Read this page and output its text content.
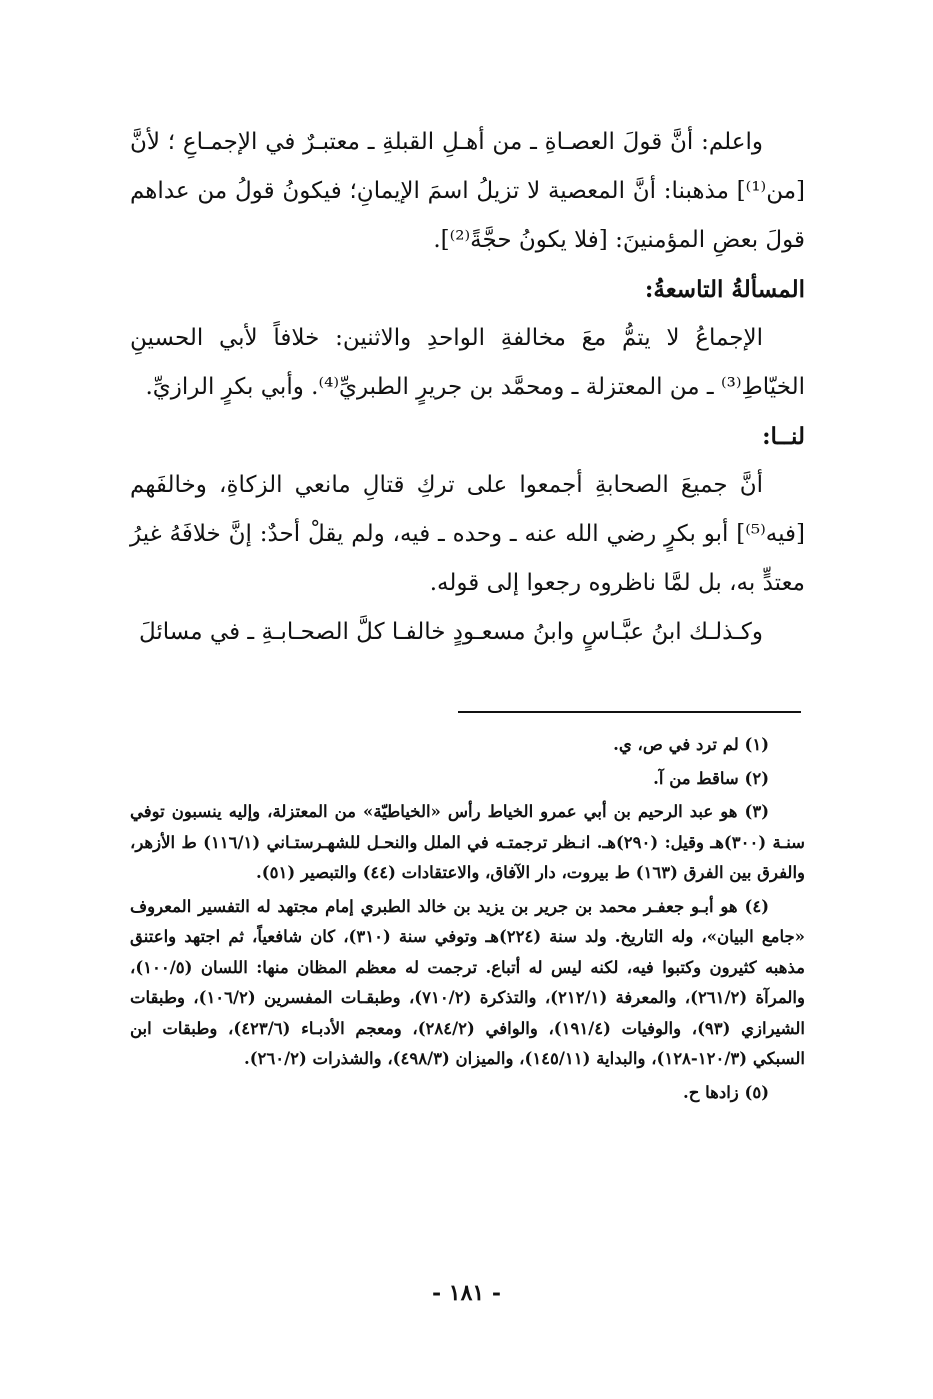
واعلم: أنَّ قولَ العصـاةِ ـ من أهـلِ القبلةِ ـ معتبـرٌ في الإجمـاعِ ؛ لأنَّ [من⁽¹⁾] مذهبنا: أنَّ المعصية لا تزيلُ اسمَ الإيمانِ؛ فيكونُ قولُ من عداهم قولَ بعضِ المؤمنينَ: [فلا يكونُ حجَّةً⁽²⁾].

المسألةُ التاسعةُ:

الإجماعُ لا يتمُّ معَ مخالفةِ الواحدِ والاثنين: خلافاً لأبي الحسينِ الخيّاطِ⁽³⁾ ـ من المعتزلة ـ ومحمَّد بن جريرٍ الطبريِّ⁽⁴⁾. وأبي بكرٍ الرازيِّ.

لنــا:

أنَّ جميعَ الصحابةِ أجمعوا على تركِ قتالِ مانعي الزكاةِ، وخالفَهم [فيه⁽⁵⁾] أبو بكرٍ رضي الله عنه ـ وحده ـ فيه، ولم يقلْ أحدٌ: إنَّ خلافَهُ غيرُ معتدٍّ به، بل لمَّا ناظروه رجعوا إلى قوله.

وكـذلـك ابنُ عبَّـاسٍ وابنُ مسعـودٍ خالفـا كلَّ الصحـابـةِ ـ في مسائلَ

(١) لم ترد في ص، ي.

(٢) ساقط من آ.

(٣) هو عبد الرحيم بن أبي عمرو الخياط رأس «الخياطيّة» من المعتزلة، وإليه ينسبون توفي سنـة (٣٠٠)هـ وقيل: (٢٩٠)هـ. انـظر ترجمتـه في الملل والنحـل للشهـرستـاني (١١٦/١) ط الأزهر، والفرق بين الفرق (١٦٣) ط بيروت، دار الآفاق، والاعتقادات (٤٤) والتبصير (٥١).

(٤) هو أبـو جعفـر محمد بن جرير بن يزيد بن خالد الطبري إمام مجتهد له التفسير المعروف «جامع البيان»، وله التاريخ. ولد سنة (٢٢٤)هـ وتوفي سنة (٣١٠)، كان شافعياً، ثم اجتهد واعتنق مذهبه كثيرون وكتبوا فيه، لكنه ليس له أتباع. ترجمت له معظم المظان منها: اللسان (١٠٠/٥)، والمرآة (٢٦١/٢)، والمعرفة (٢١٢/١)، والتذكرة (٧١٠/٢)، وطبقـات المفسرين (١٠٦/٢)، وطبقات الشيرازي (٩٣)، والوفيات (١٩١/٤)، والوافي (٢٨٤/٢)، ومعجم الأدبـاء (٤٢٣/٦)، وطبقات ابن السبكي (١٢٠/٣-١٢٨)، والبداية (١٤٥/١١)، والميزان (٤٩٨/٣)، والشذرات (٢٦٠/٢).

(٥) زادها ح.

- ١٨١ -
